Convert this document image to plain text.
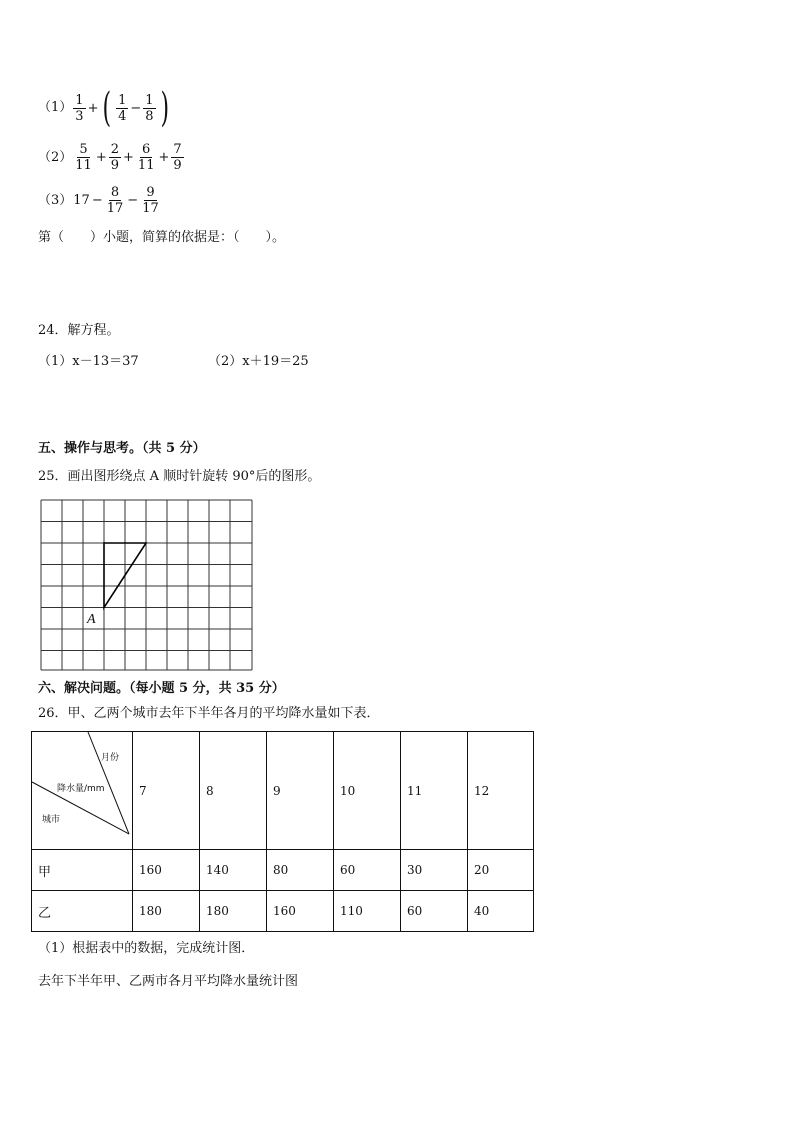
$(1) \frac{1}{3}$ + ( $\frac{1}{4} - \frac{1}{8}$ )
$(2) \frac{5}{11} + \frac{2}{9} + \frac{6}{11} + \frac{7}{9}$
（3） $17 - \frac{8}{17} - \frac{9}{17}$
第（　　）小题，简算的依据是：（　　）。
24．解方程。
（1）x－13＝37	（2）x＋19＝25
五、操作与思考。（共 5 分）
25．画出图形绕点 A 顺时针旋转 90°后的图形。
A
六、解决问题。（每小题 5 分，共 35 分）
26．甲、乙两个城市去年下半年各月的平均降水量如下表．
月份
降水量/mm
城市	7	8	9	10	11	12
甲	160	140	80	60	30	20
乙	180	180	160	110	60	40
（1）根据表中的数据，完成统计图．
去年下半年甲、乙两市各月平均降水量统计图
